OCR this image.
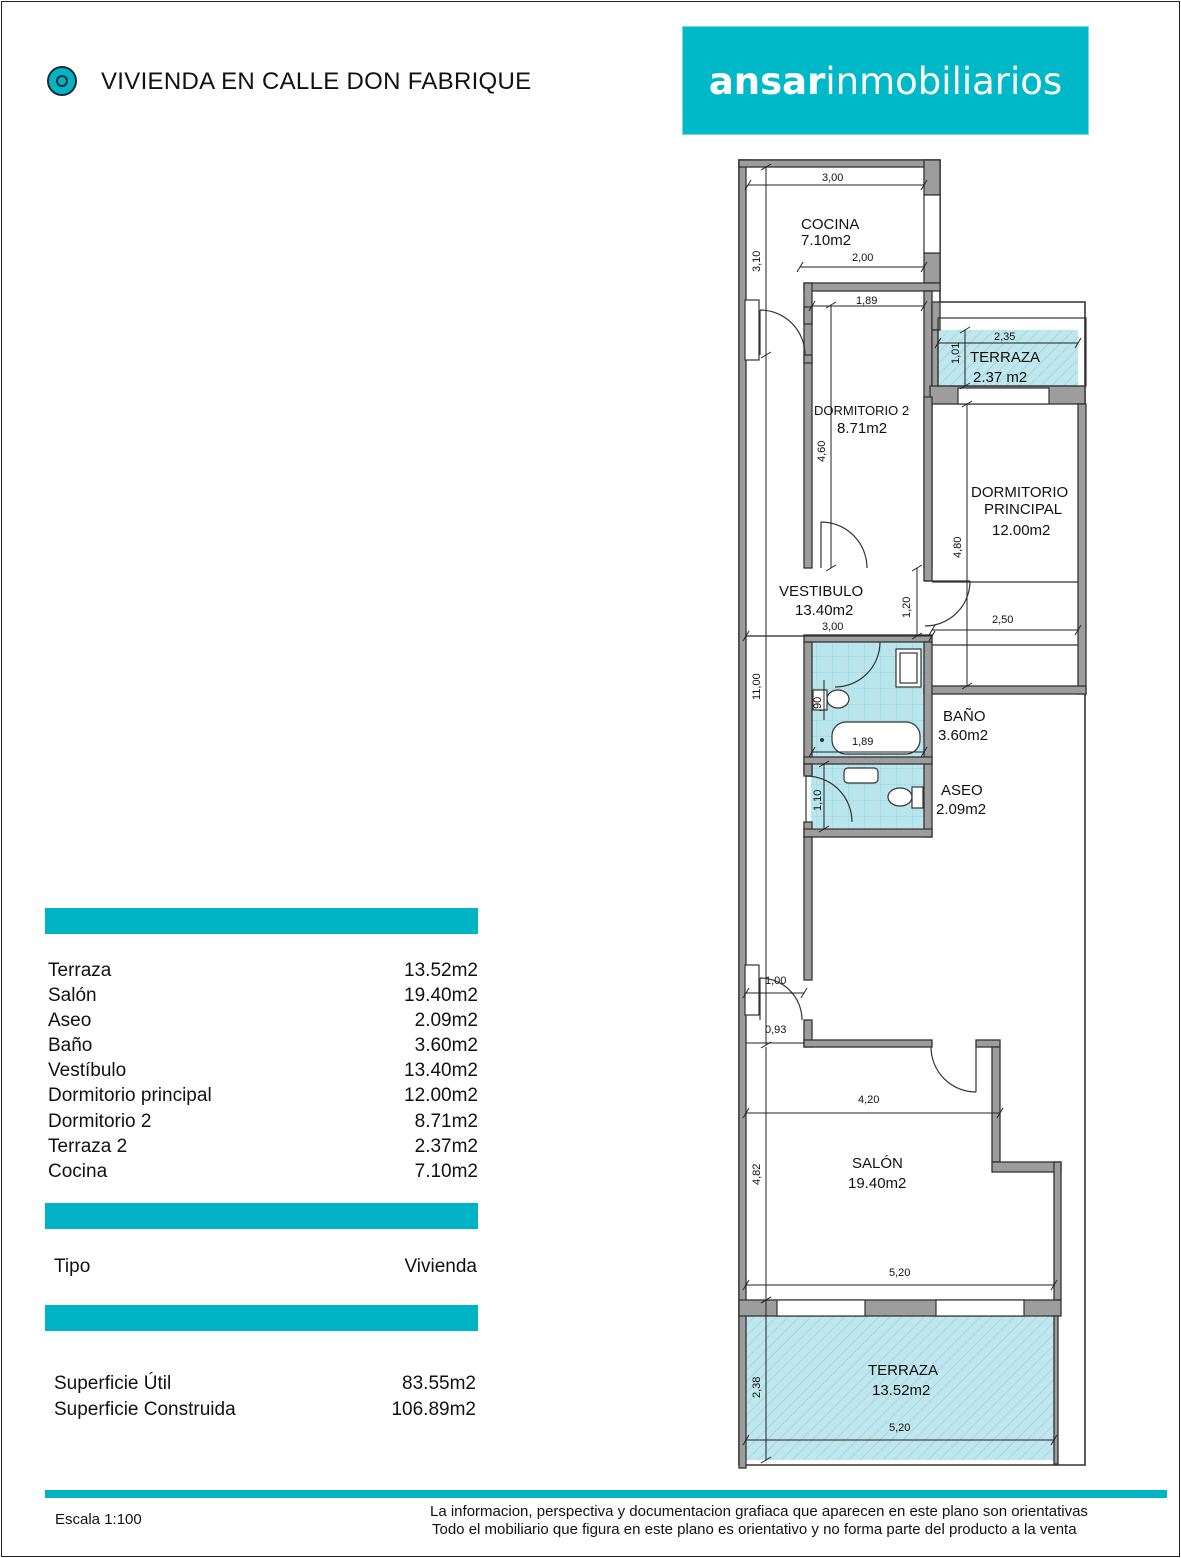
VIVIENDA EN CALLE DON FABRIQUE	ansarinmobiliarios
Terraza	13.52m2
Salón	19.40m2
Aseo	2.09m2
Baño	3.60m2
Vestíbulo	13.40m2
Dormitorio principal	12.00m2
Dormitorio 2	8.71m2
Terraza 2	2.37m2
Cocina	7.10m2
Tipo	Vivienda
Superficie Útil	83.55m2
Superficie Construida	106.89m2
Escala 1:100	La informacion, perspectiva y documentacion grafiaca que aparecen en este plano son orientativas
Todo el mobiliario que figura en este plano es orientativo y no forma parte del producto a la venta
COCINA
7.10m2
DORMITORIO 2
8.71m2
TERRAZA
2.37 m2
DORMITORIO
PRINCIPAL
12.00m2
VESTIBULO
13.40m2
BAÑO
3.60m2
ASEO
2.09m2
SALÓN
19.40m2
TERRAZA
13.52m2
3,00
2,00
3,10
1,89
2,35
1,01
4,60
4,80
1,20
3,00
2,50
11,00
,90
1,89
1,10
1,00
0,93
4,20
4,82
5,20
2,38
5,20
